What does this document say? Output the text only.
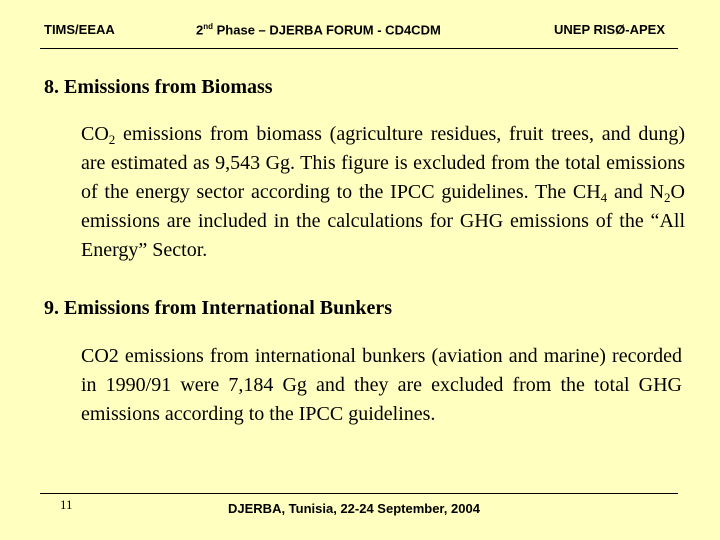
TIMS/EEAA	2nd Phase – DJERBA FORUM - CD4CDM	UNEP RISØ-APEX
8. Emissions from Biomass
$CO_2$ emissions from biomass (agriculture residues, fruit trees, and dung) are estimated as 9,543 Gg. This figure is excluded from the total emissions of the energy sector according to the IPCC guidelines. The $CH_4$ and $N_2O$ emissions are included in the calculations for GHG emissions of the “All Energy” Sector.
9. Emissions from International Bunkers
CO2 emissions from international bunkers (aviation and marine) recorded in 1990/91 were 7,184 Gg and they are excluded from the total GHG emissions according to the IPCC guidelines.
11	DJERBA, Tunisia, 22-24 September, 2004
